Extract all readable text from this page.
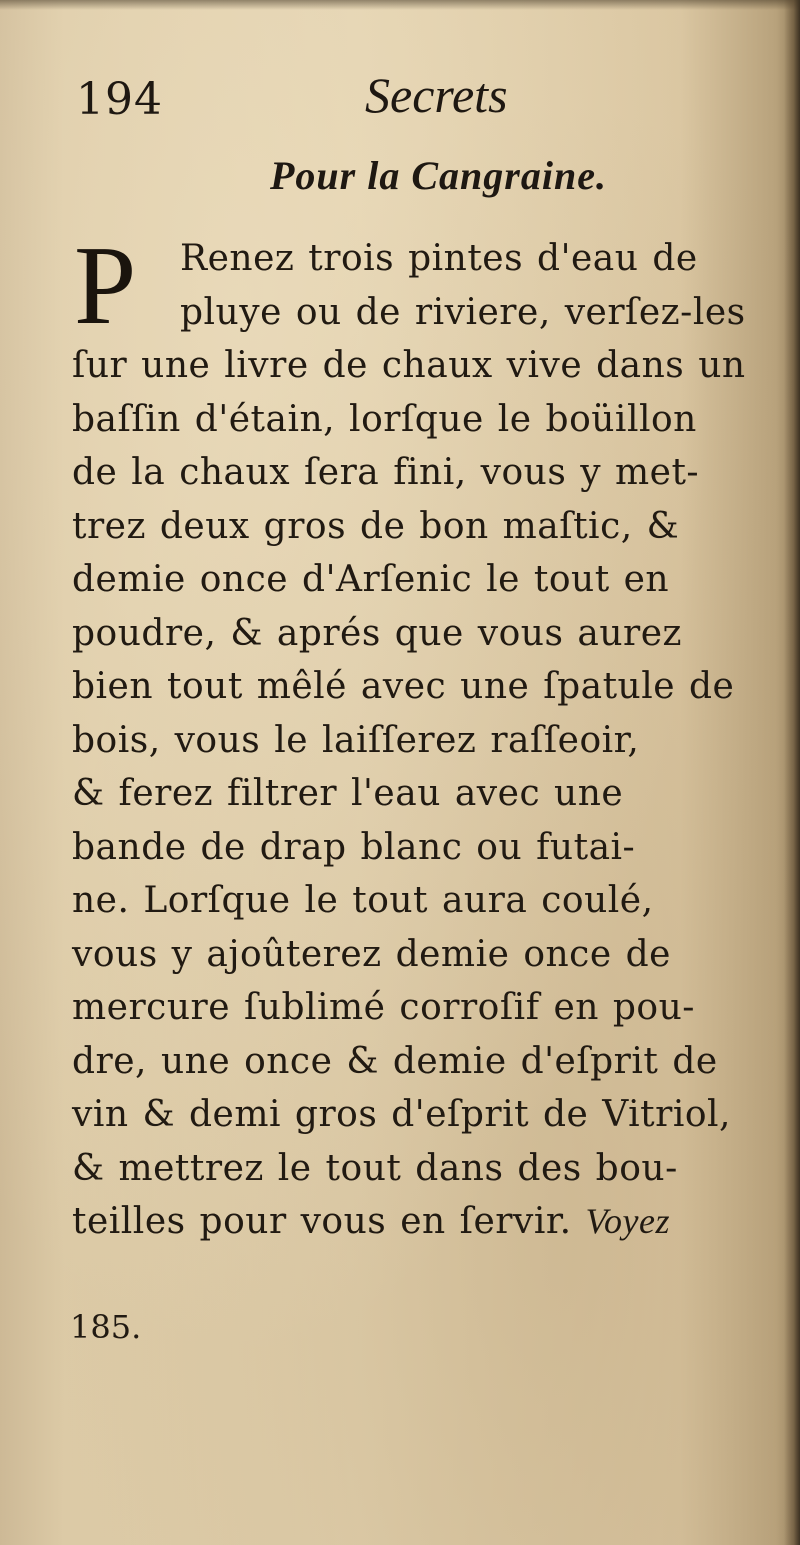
194	Secrets
Pour la Cangraine.
P Renez trois pintes d'eau de
pluye ou de riviere, verſez-les
ſur une livre de chaux vive dans un
baſſin d'étain, lorſque le boüillon
de la chaux ſera fini, vous y met-
trez deux gros de bon maſtic, &
demie once d'Arſenic le tout en
poudre, & aprés que vous aurez
bien tout mêlé avec une ſpatule de
bois, vous le laiſſerez raſſeoir,
& ferez filtrer l'eau avec une
bande de drap blanc ou futai-
ne. Lorſque le tout aura coulé,
vous y ajoûterez demie once de
mercure ſublimé corroſif en pou-
dre, une once & demie d'eſprit de
vin & demi gros d'eſprit de Vitriol,
& mettrez le tout dans des bou-
teilles pour vous en ſervir. Voyez
185.
